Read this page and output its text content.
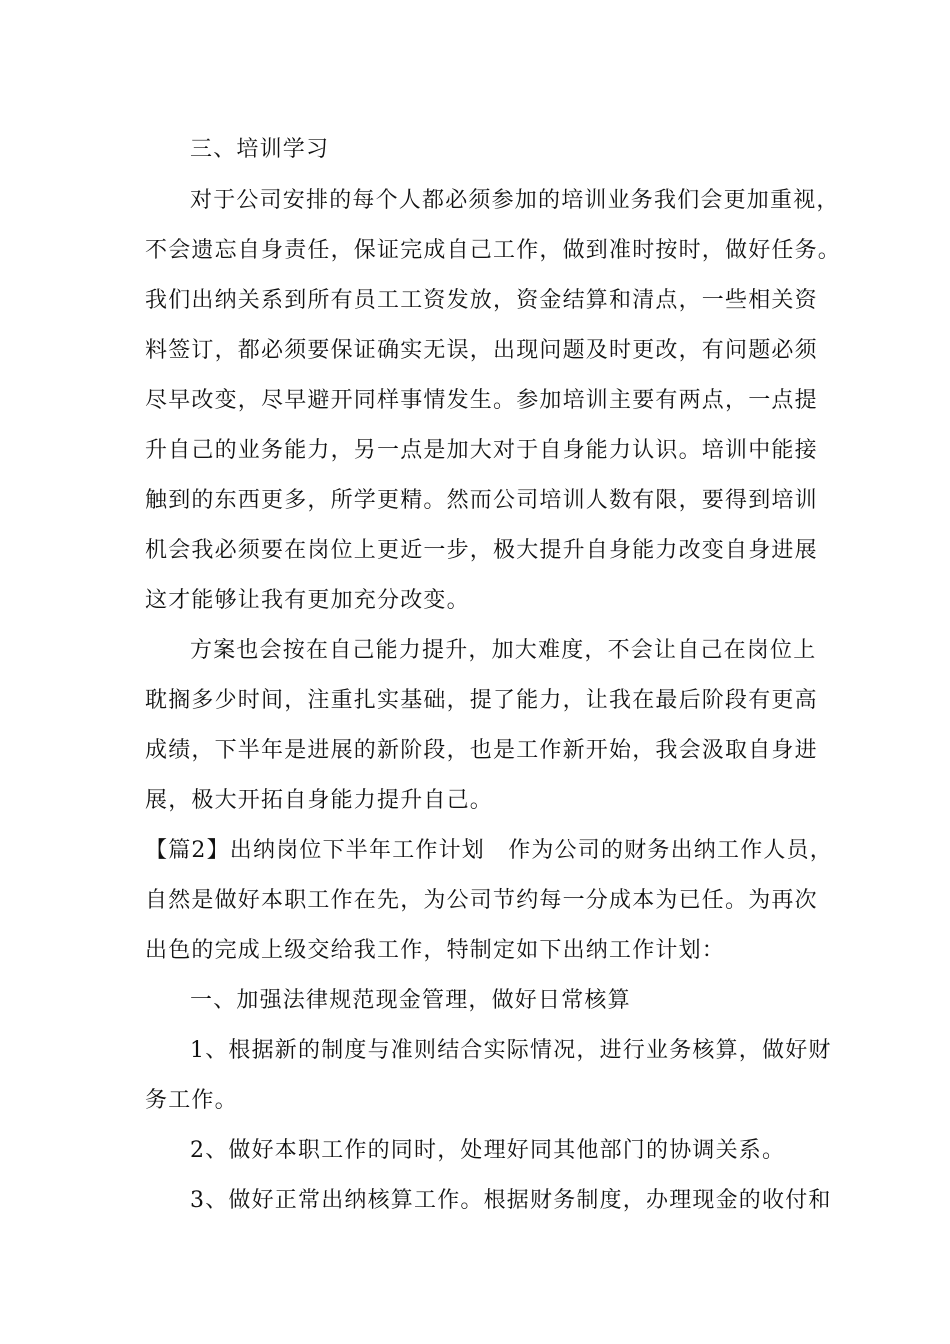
三、培训学习
对于公司安排的每个人都必须参加的培训业务我们会更加重视，
不会遗忘自身责任，保证完成自己工作，做到准时按时，做好任务。
我们出纳关系到所有员工工资发放，资金结算和清点，一些相关资
料签订，都必须要保证确实无误，出现问题及时更改，有问题必须
尽早改变，尽早避开同样事情发生。参加培训主要有两点，一点提
升自己的业务能力，另一点是加大对于自身能力认识。培训中能接
触到的东西更多，所学更精。然而公司培训人数有限，要得到培训
机会我必须要在岗位上更近一步，极大提升自身能力改变自身进展
这才能够让我有更加充分改变。
方案也会按在自己能力提升，加大难度，不会让自己在岗位上
耽搁多少时间，注重扎实基础，提了能力，让我在最后阶段有更高
成绩，下半年是进展的新阶段，也是工作新开始，我会汲取自身进
展，极大开拓自身能力提升自己。
【篇2】出纳岗位下半年工作计划　作为公司的财务出纳工作人员，
自然是做好本职工作在先，为公司节约每一分成本为已任。为再次
出色的完成上级交给我工作，特制定如下出纳工作计划：
一、加强法律规范现金管理，做好日常核算
1、根据新的制度与准则结合实际情况，进行业务核算，做好财
务工作。
2、做好本职工作的同时，处理好同其他部门的协调关系。
3、做好正常出纳核算工作。根据财务制度，办理现金的收付和
